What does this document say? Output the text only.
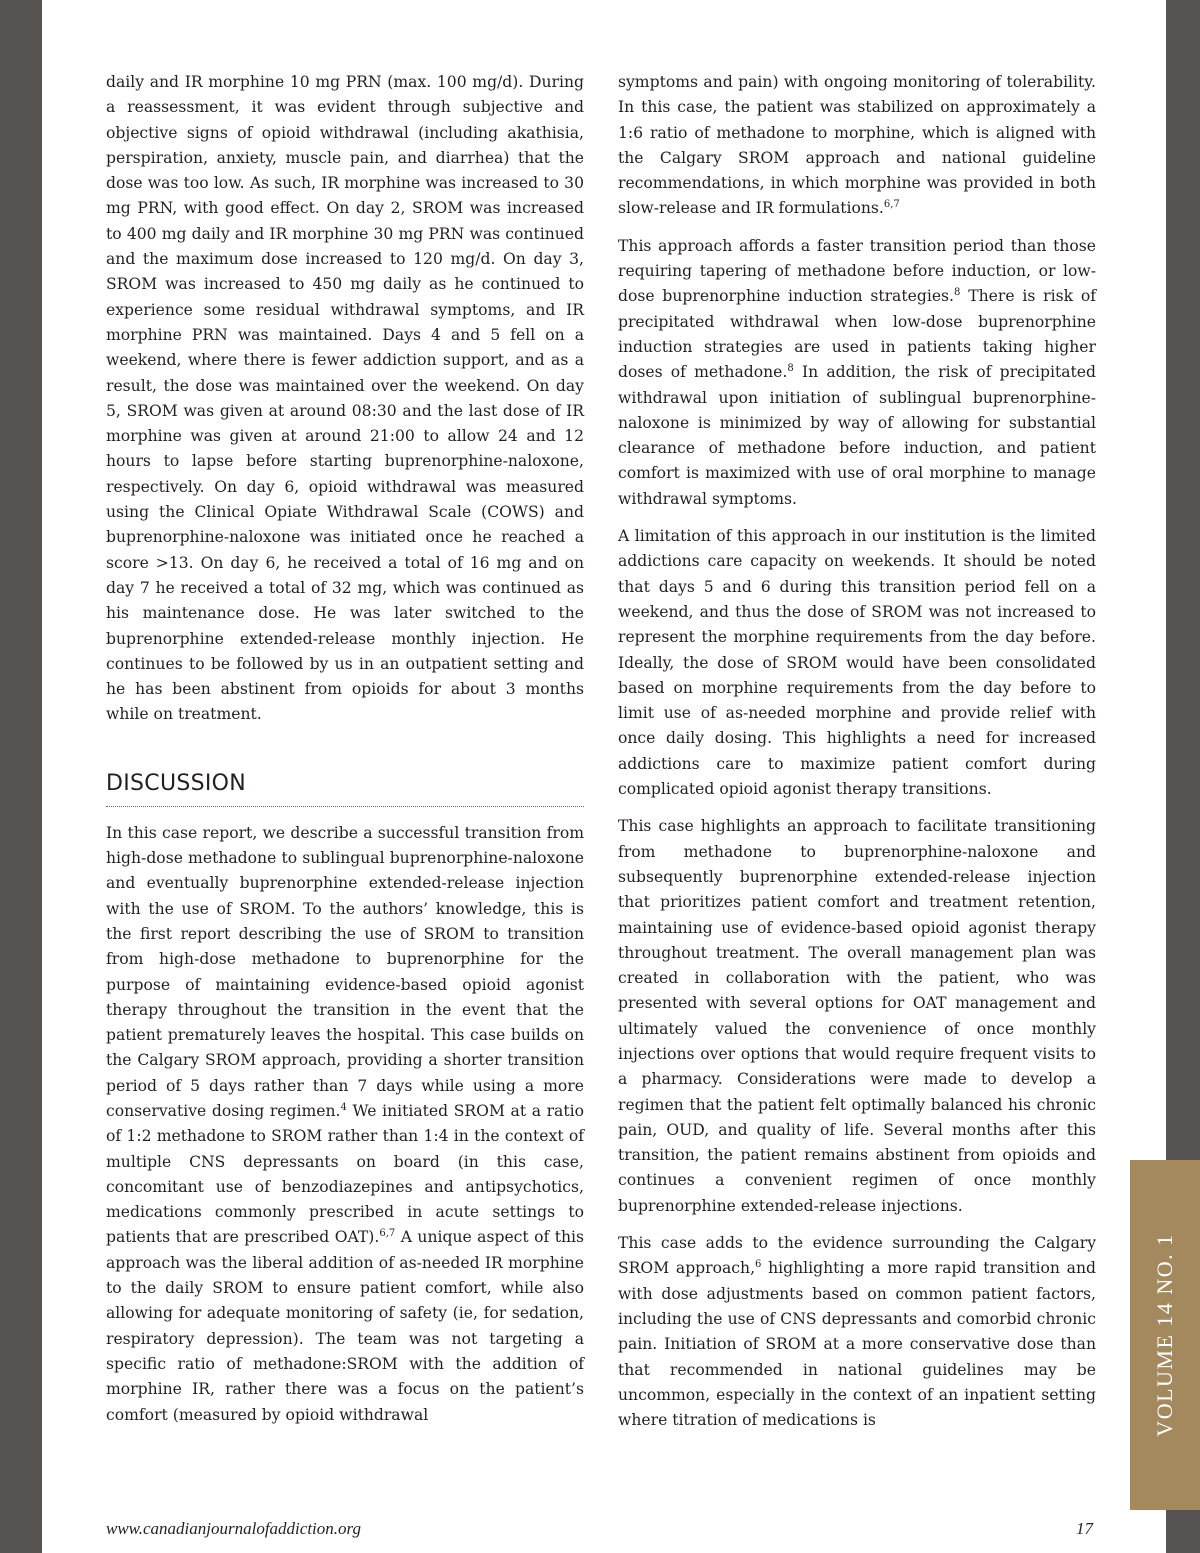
VOLUME 14 NO. 1

daily and IR morphine 10 mg PRN (max. 100 mg/d). During a reassessment, it was evident through subjective and objective signs of opioid withdrawal (including akathisia, perspiration, anxiety, muscle pain, and diarrhea) that the dose was too low. As such, IR morphine was increased to 30 mg PRN, with good effect. On day 2, SROM was increased to 400 mg daily and IR morphine 30 mg PRN was continued and the maximum dose increased to 120 mg/d. On day 3, SROM was increased to 450 mg daily as he continued to experience some residual withdrawal symptoms, and IR morphine PRN was maintained. Days 4 and 5 fell on a weekend, where there is fewer addiction support, and as a result, the dose was maintained over the weekend. On day 5, SROM was given at around 08:30 and the last dose of IR morphine was given at around 21:00 to allow 24 and 12 hours to lapse before starting buprenorphine-naloxone, respectively. On day 6, opioid withdrawal was measured using the Clinical Opiate Withdrawal Scale (COWS) and buprenorphine-naloxone was initiated once he reached a score >13. On day 6, he received a total of 16 mg and on day 7 he received a total of 32 mg, which was continued as his maintenance dose. He was later switched to the buprenorphine extended-release monthly injection. He continues to be followed by us in an outpatient setting and he has been abstinent from opioids for about 3 months while on treatment.

DISCUSSION

In this case report, we describe a successful transition from high-dose methadone to sublingual buprenorphine-naloxone and eventually buprenorphine extended-release injection with the use of SROM. To the authors’ knowledge, this is the first report describing the use of SROM to transition from high-dose methadone to buprenorphine for the purpose of maintaining evidence-based opioid agonist therapy throughout the transition in the event that the patient prematurely leaves the hospital. This case builds on the Calgary SROM approach, providing a shorter transition period of 5 days rather than 7 days while using a more conservative dosing regimen.$^4$ We initiated SROM at a ratio of 1:2 methadone to SROM rather than 1:4 in the context of multiple CNS depressants on board (in this case, concomitant use of benzodiazepines and antipsychotics, medications commonly prescribed in acute settings to patients that are prescribed OAT).$^{6,7}$ A unique aspect of this approach was the liberal addition of as-needed IR morphine to the daily SROM to ensure patient comfort, while also allowing for adequate monitoring of safety (ie, for sedation, respiratory depression). The team was not targeting a specific ratio of methadone:SROM with the addition of morphine IR, rather there was a focus on the patient’s comfort (measured by opioid withdrawal

symptoms and pain) with ongoing monitoring of tolerability. In this case, the patient was stabilized on approximately a 1:6 ratio of methadone to morphine, which is aligned with the Calgary SROM approach and national guideline recommendations, in which morphine was provided in both slow-release and IR formulations.$^{6,7}$

This approach affords a faster transition period than those requiring tapering of methadone before induction, or low-dose buprenorphine induction strategies.$^8$ There is risk of precipitated withdrawal when low-dose buprenorphine induction strategies are used in patients taking higher doses of methadone.$^8$ In addition, the risk of precipitated withdrawal upon initiation of sublingual buprenorphine-naloxone is minimized by way of allowing for substantial clearance of methadone before induction, and patient comfort is maximized with use of oral morphine to manage withdrawal symptoms.

A limitation of this approach in our institution is the limited addictions care capacity on weekends. It should be noted that days 5 and 6 during this transition period fell on a weekend, and thus the dose of SROM was not increased to represent the morphine requirements from the day before. Ideally, the dose of SROM would have been consolidated based on morphine requirements from the day before to limit use of as-needed morphine and provide relief with once daily dosing. This highlights a need for increased addictions care to maximize patient comfort during complicated opioid agonist therapy transitions.

This case highlights an approach to facilitate transitioning from methadone to buprenorphine-naloxone and subsequently buprenorphine extended-release injection that prioritizes patient comfort and treatment retention, maintaining use of evidence-based opioid agonist therapy throughout treatment. The overall management plan was created in collaboration with the patient, who was presented with several options for OAT management and ultimately valued the convenience of once monthly injections over options that would require frequent visits to a pharmacy. Considerations were made to develop a regimen that the patient felt optimally balanced his chronic pain, OUD, and quality of life. Several months after this transition, the patient remains abstinent from opioids and continues a convenient regimen of once monthly buprenorphine extended-release injections.

This case adds to the evidence surrounding the Calgary SROM approach,$^6$ highlighting a more rapid transition and with dose adjustments based on common patient factors, including the use of CNS depressants and comorbid chronic pain. Initiation of SROM at a more conservative dose than that recommended in national guidelines may be uncommon, especially in the context of an inpatient setting where titration of medications is

www.canadianjournalofaddiction.org	17
